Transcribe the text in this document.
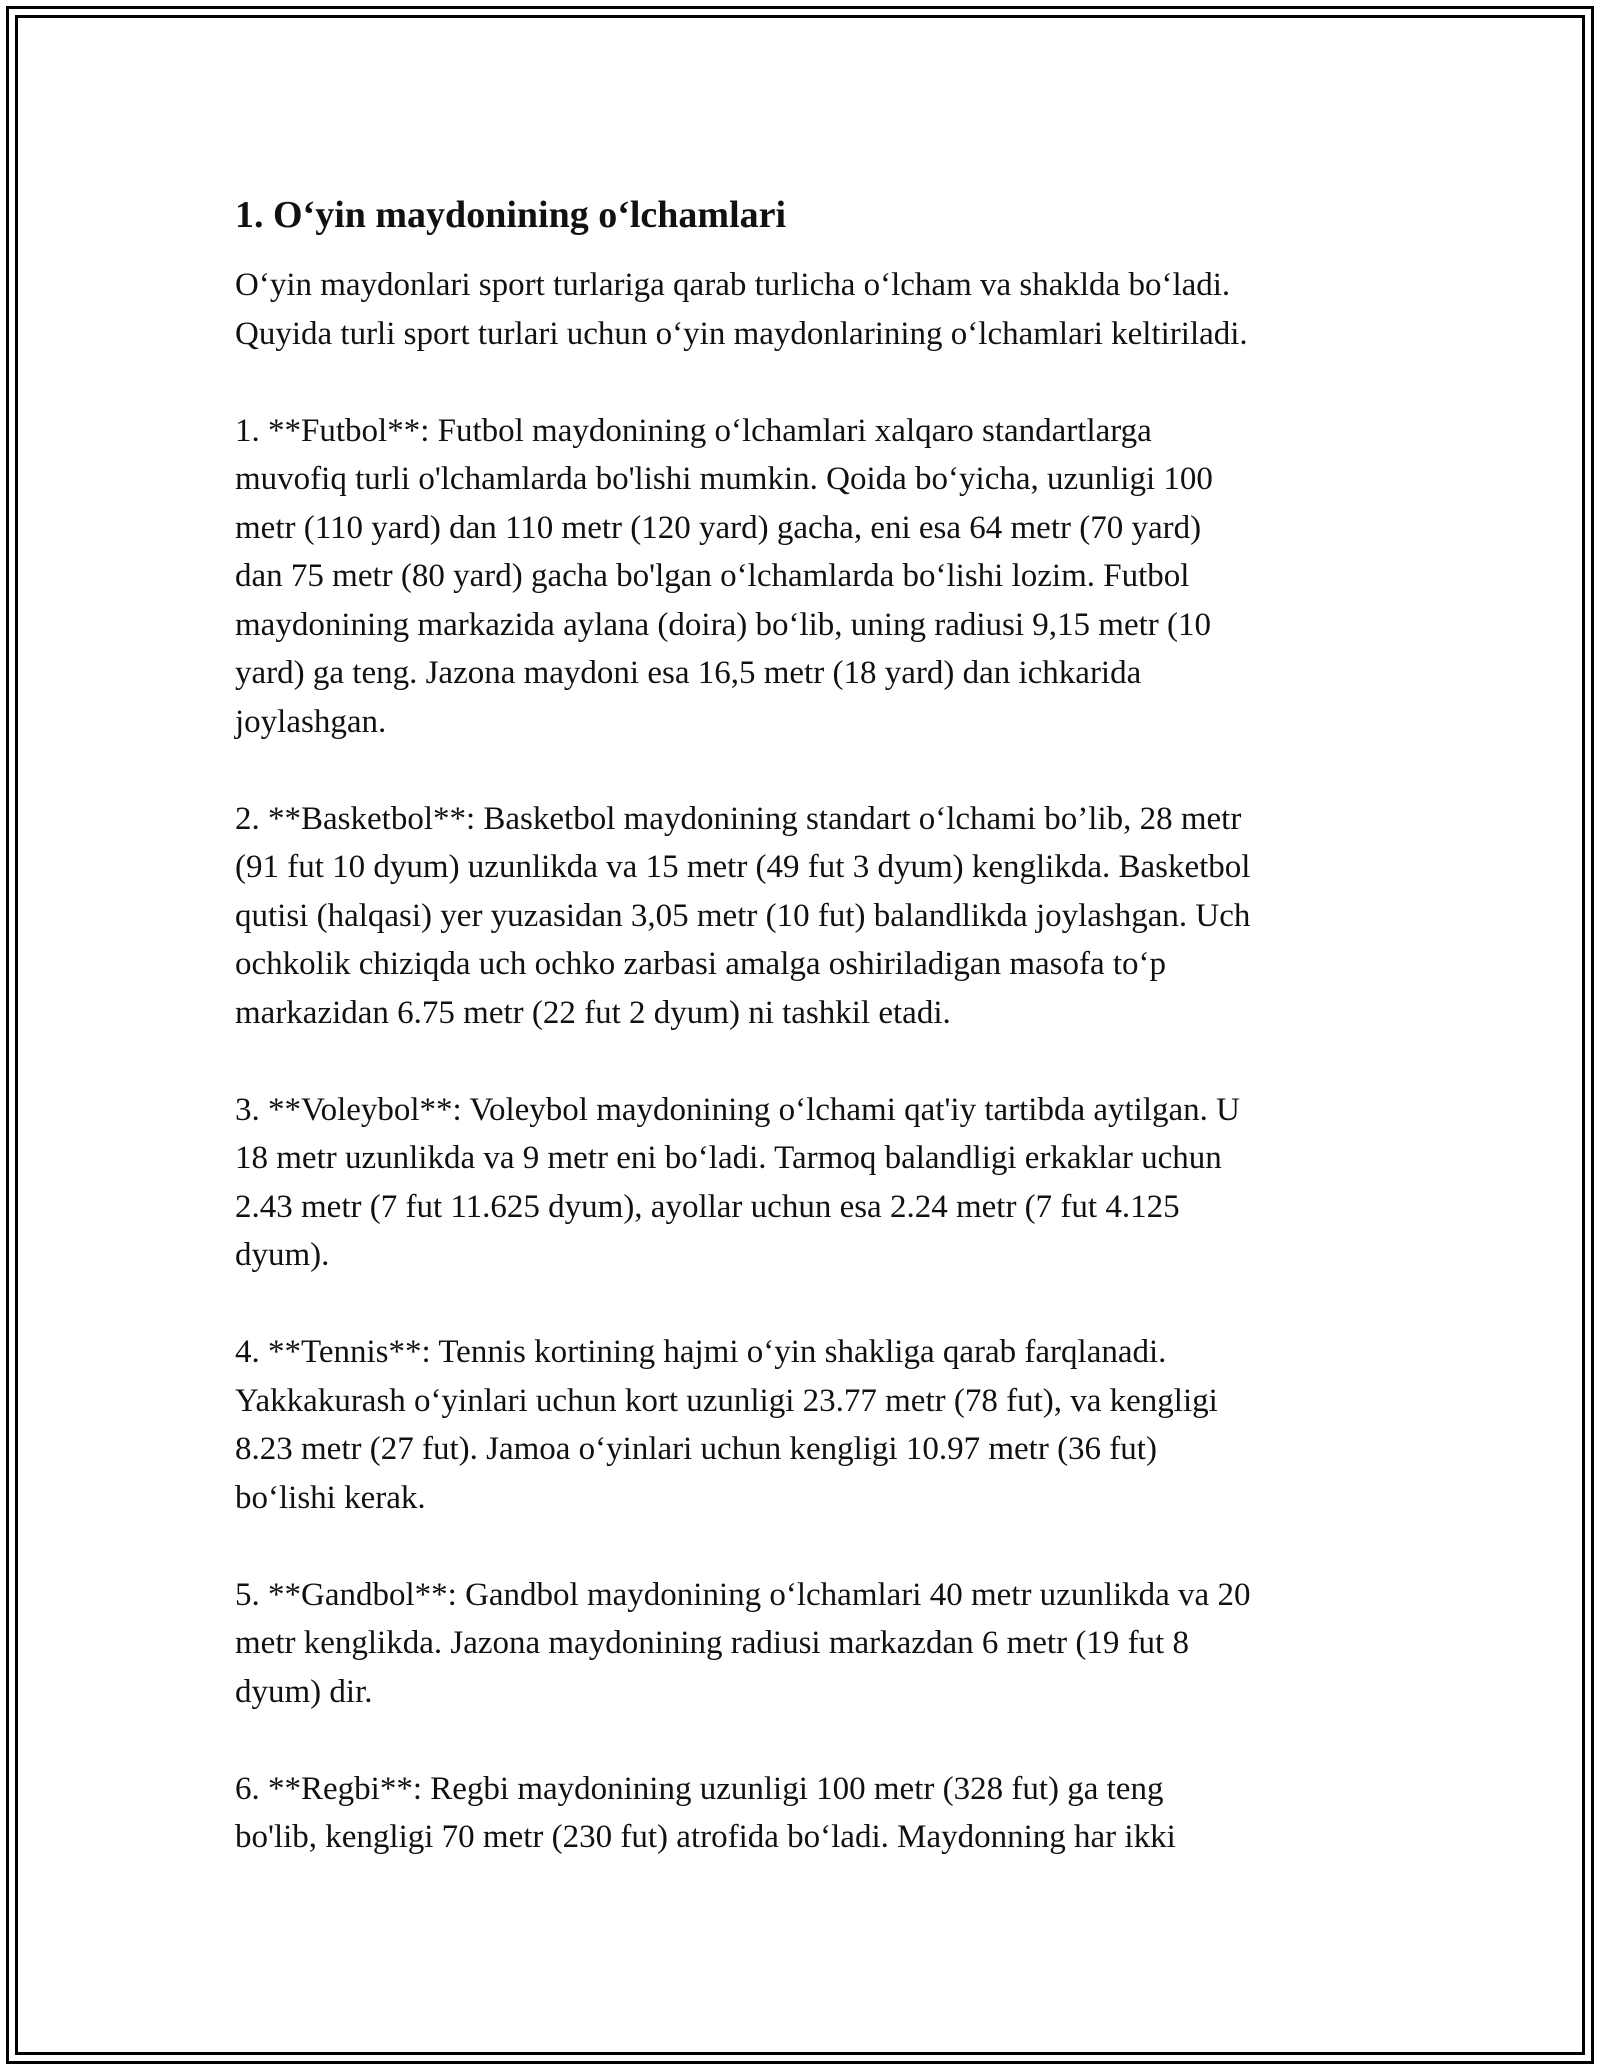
1. O‘yin maydonining o‘lchamlari

O‘yin maydonlari sport turlariga qarab turlicha o‘lcham va shaklda bo‘ladi.
Quyida turli sport turlari uchun o‘yin maydonlarining o‘lchamlari keltiriladi.

1. **Futbol**: Futbol maydonining o‘lchamlari xalqaro standartlarga
muvofiq turli o'lchamlarda bo'lishi mumkin. Qoida bo‘yicha, uzunligi 100
metr (110 yard) dan 110 metr (120 yard) gacha, eni esa 64 metr (70 yard)
dan 75 metr (80 yard) gacha bo'lgan o‘lchamlarda bo‘lishi lozim. Futbol
maydonining markazida aylana (doira) bo‘lib, uning radiusi 9,15 metr (10
yard) ga teng. Jazona maydoni esa 16,5 metr (18 yard) dan ichkarida
joylashgan.

2. **Basketbol**: Basketbol maydonining standart o‘lchami bo’lib, 28 metr
(91 fut 10 dyum) uzunlikda va 15 metr (49 fut 3 dyum) kenglikda. Basketbol
qutisi (halqasi) yer yuzasidan 3,05 metr (10 fut) balandlikda joylashgan. Uch
ochkolik chiziqda uch ochko zarbasi amalga oshiriladigan masofa to‘p
markazidan 6.75 metr (22 fut 2 dyum) ni tashkil etadi.

3. **Voleybol**: Voleybol maydonining o‘lchami qat'iy tartibda aytilgan. U
18 metr uzunlikda va 9 metr eni bo‘ladi. Tarmoq balandligi erkaklar uchun
2.43 metr (7 fut 11.625 dyum), ayollar uchun esa 2.24 metr (7 fut 4.125
dyum).

4. **Tennis**: Tennis kortining hajmi o‘yin shakliga qarab farqlanadi.
Yakkakurash o‘yinlari uchun kort uzunligi 23.77 metr (78 fut), va kengligi
8.23 metr (27 fut). Jamoa o‘yinlari uchun kengligi 10.97 metr (36 fut)
bo‘lishi kerak.

5. **Gandbol**: Gandbol maydonining o‘lchamlari 40 metr uzunlikda va 20
metr kenglikda. Jazona maydonining radiusi markazdan 6 metr (19 fut 8
dyum) dir.

6. **Regbi**: Regbi maydonining uzunligi 100 metr (328 fut) ga teng
bo'lib, kengligi 70 metr (230 fut) atrofida bo‘ladi. Maydonning har ikki
